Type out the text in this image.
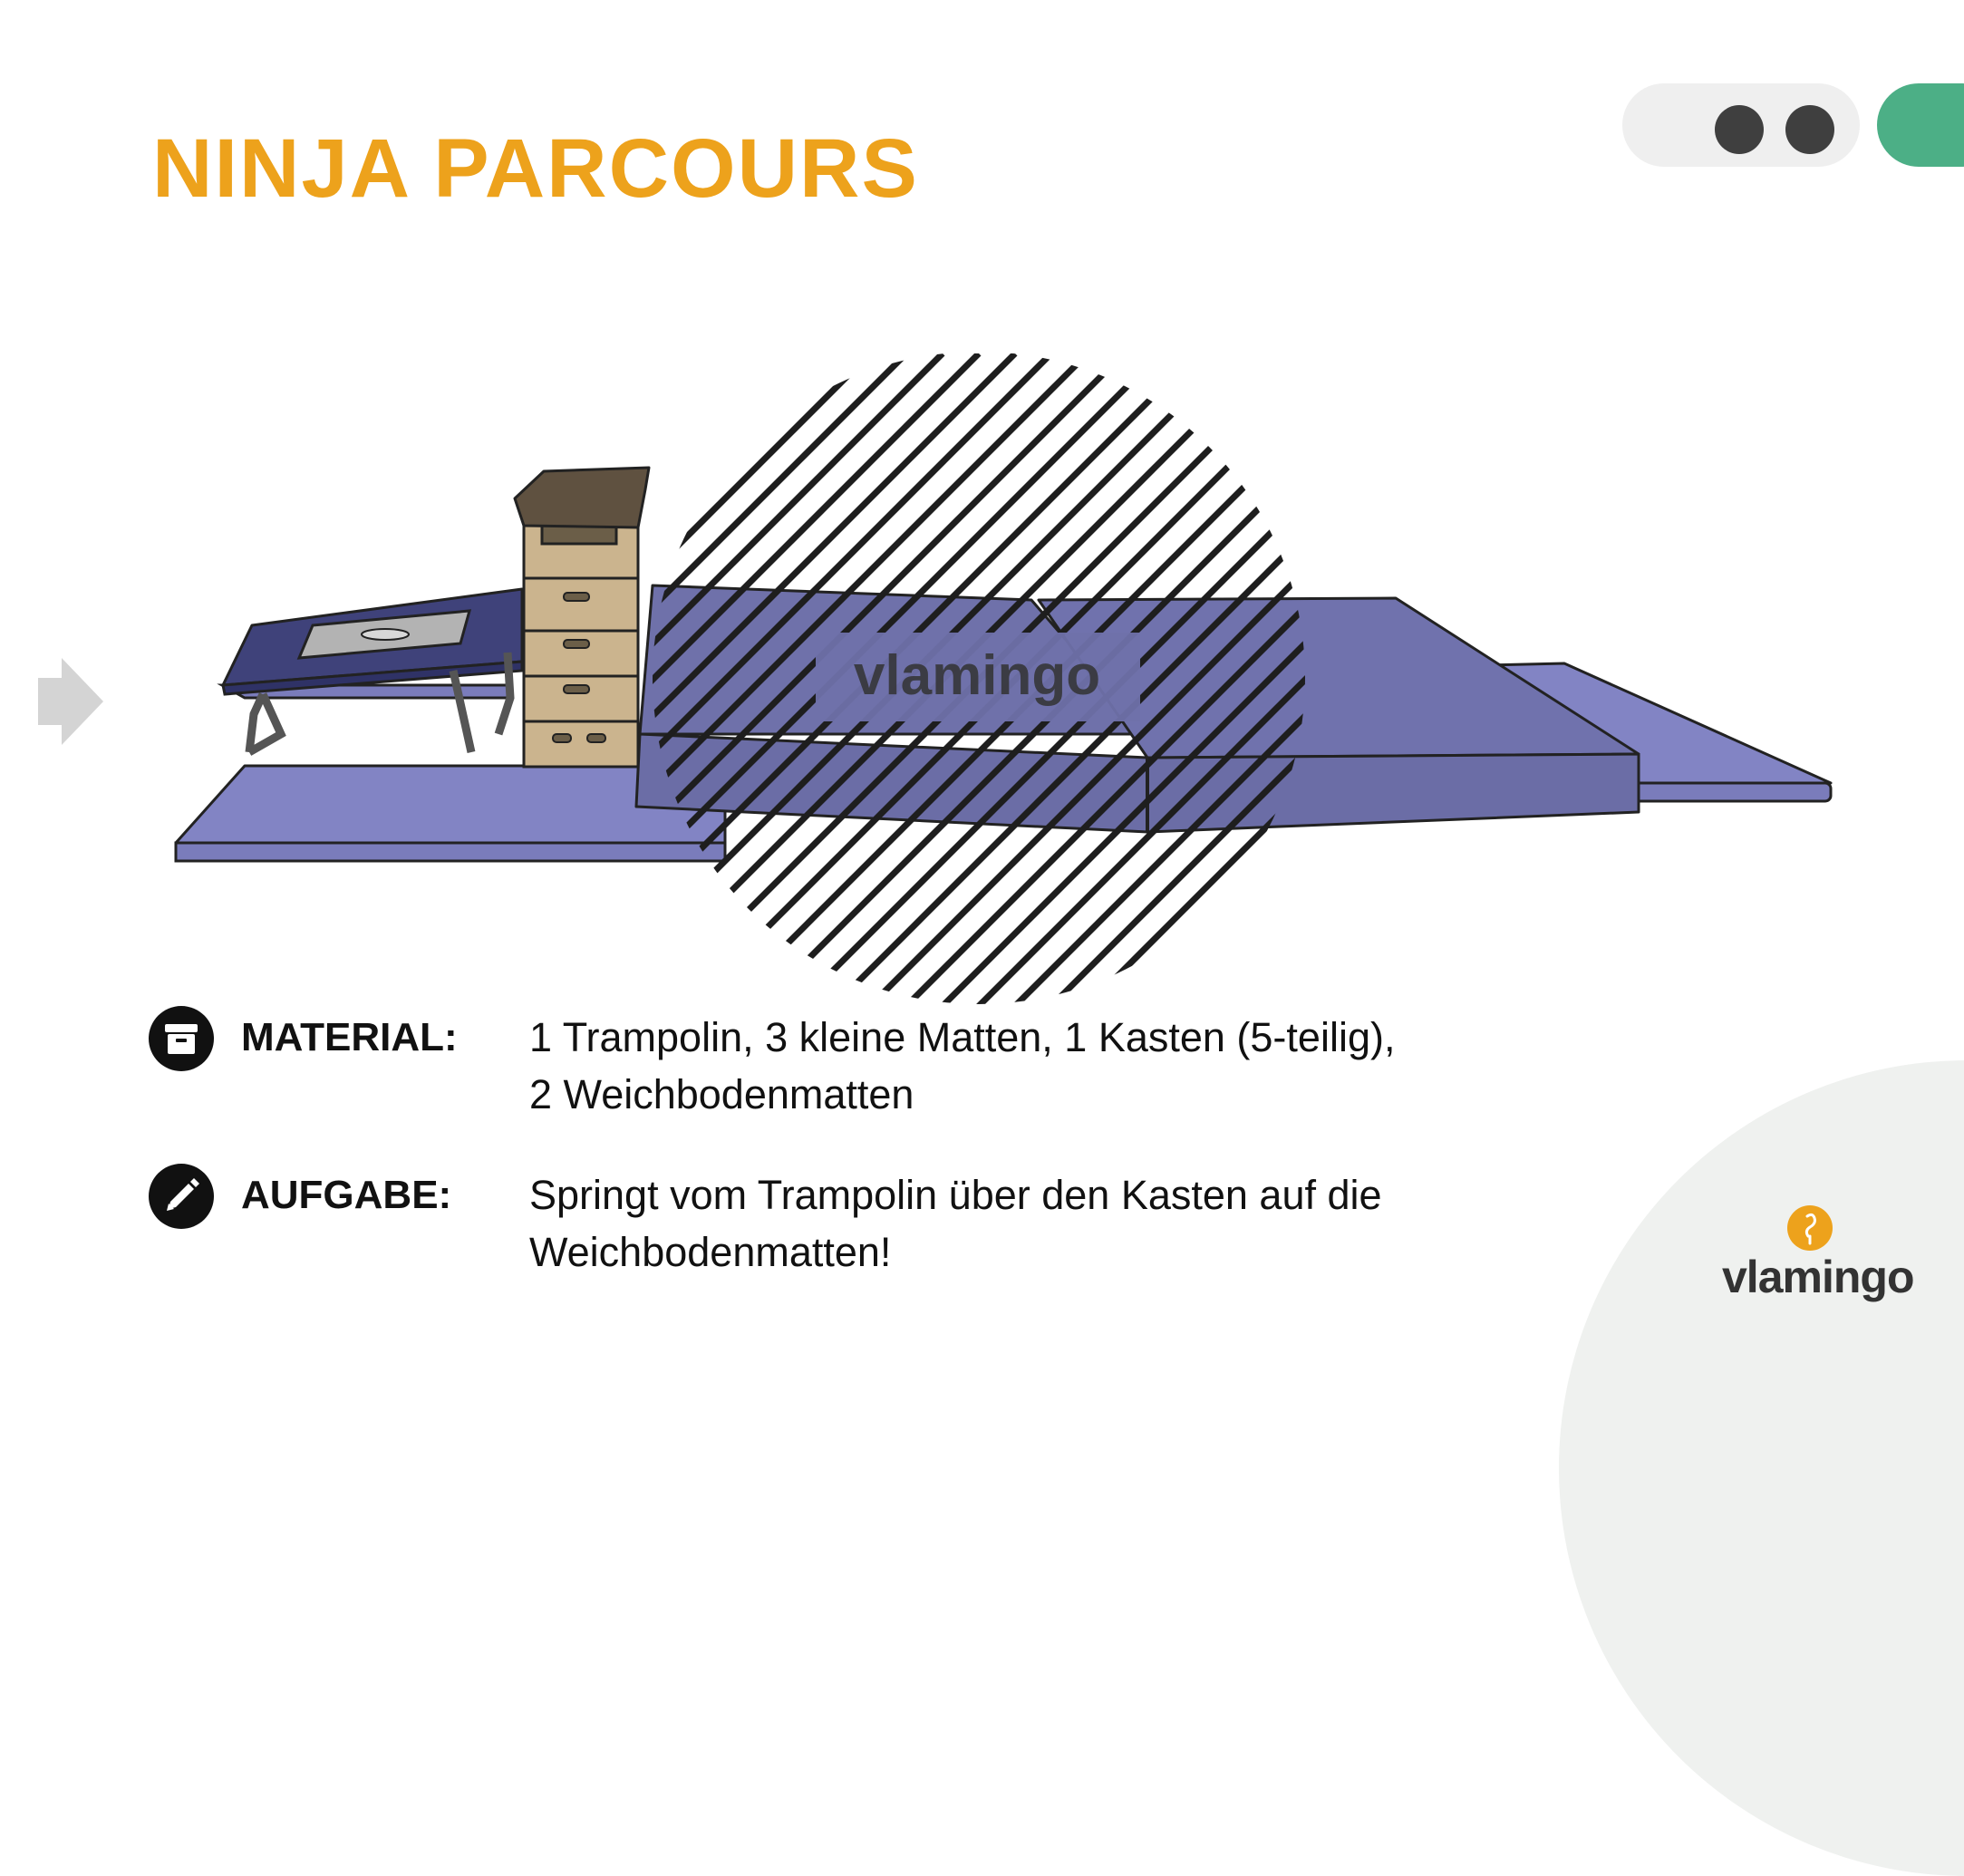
NINJA PARCOURS
vlamingo
MATERIAL: 1 Trampolin, 3 kleine Matten, 1 Kasten (5-teilig),
2 Weichbodenmatten
AUFGABE: Springt vom Trampolin über den Kasten auf die
Weichbodenmatten!	vlamingo
